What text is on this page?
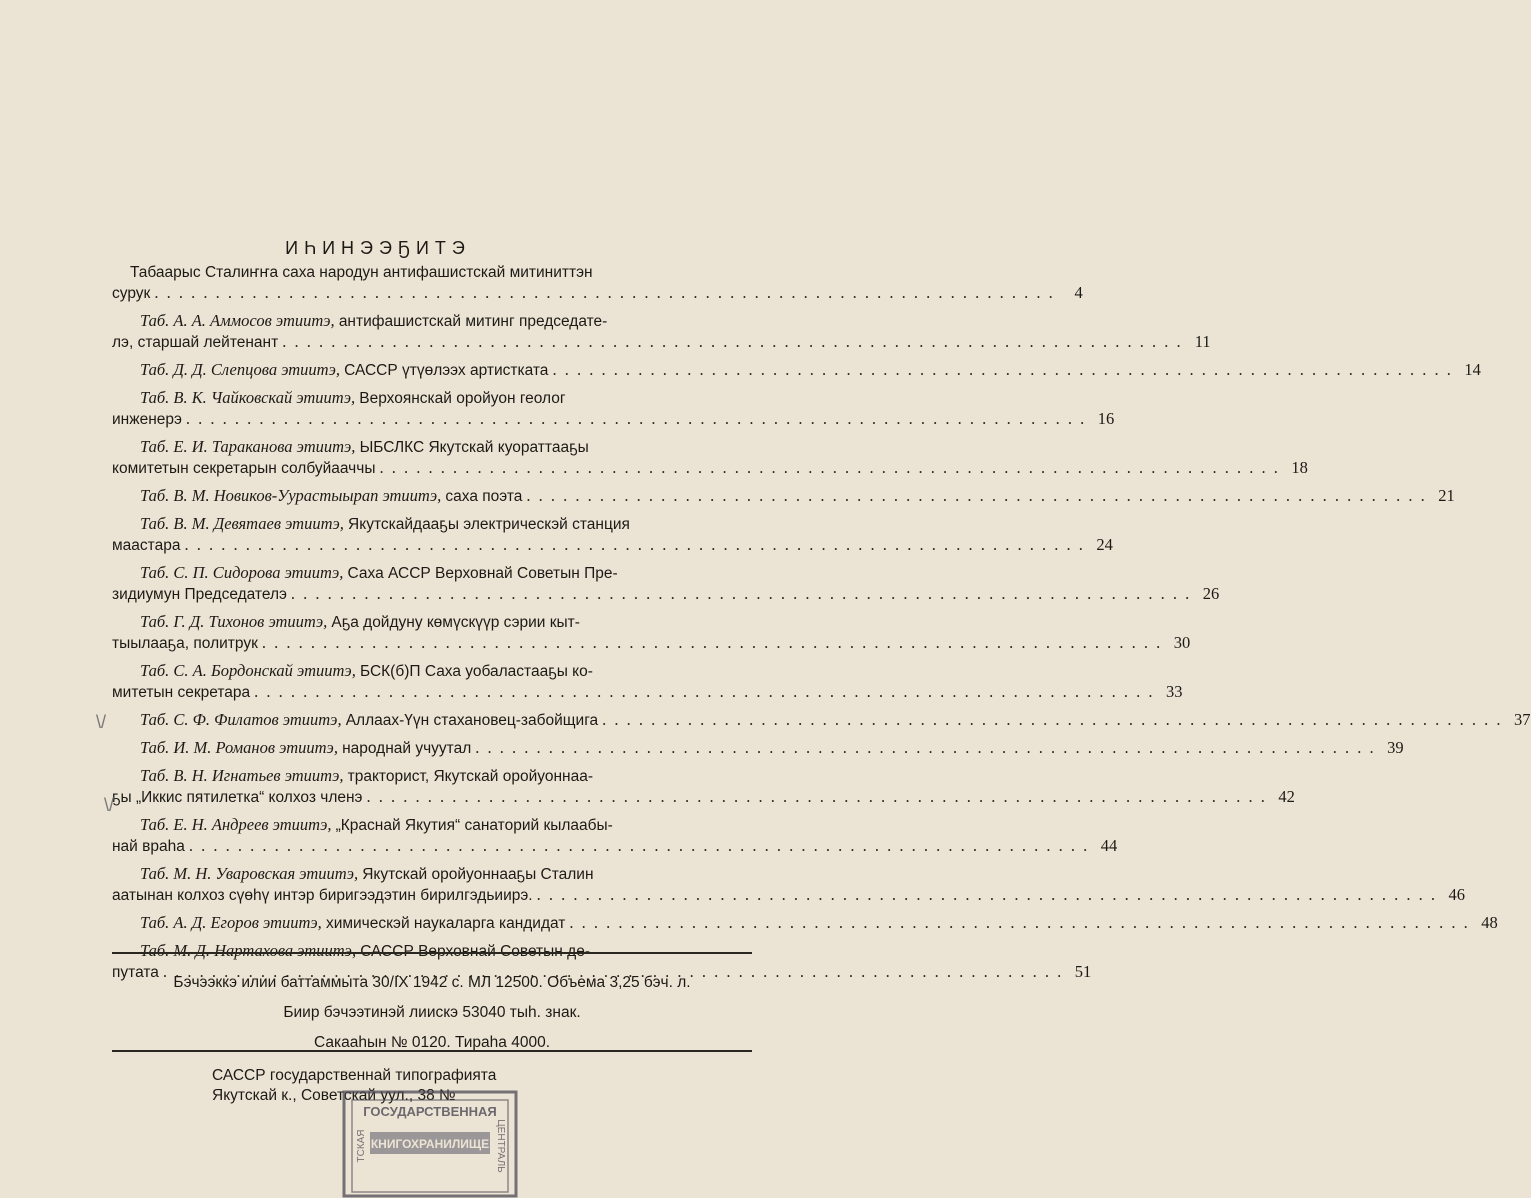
ИҺИНЭЭҔИТЭ
Табаарыс Сталиҥҥа саха народун антифашистскай митиниттэн
сурук . . .	4
Таб. А. А. Аммосов этиитэ, антифашистскай митинг председате-
лэ, старшай лейтенант . . .	11
Таб. Д. Д. Слепцова этиитэ, САССР үтүөлээх артистката . . .	14
Таб. В. К. Чайковскай этиитэ, Верхоянскай оройуон геолог
инженерэ . . .	16
Таб. Е. И. Тараканова этиитэ, ЫБСЛКС Якутскай куораттааҕы
комитетын секретарын солбуйааччы . . .	18
Таб. В. М. Новиков-Уурастыырап этиитэ, саха поэта . . .	21
Таб. В. М. Девятаев этиитэ, Якутскайдааҕы электрическэй станция
маастара . . .	24
Таб. С. П. Сидорова этиитэ, Саха АССР Верховнай Советын Пре-
зидиумун Председателэ . . .	26
Таб. Г. Д. Тихонов этиитэ, Аҕа дойдуну көмүскүүр сэрии кыт-
тыылааҕа, политрук . . .	30
Таб. С. А. Бордонскай этиитэ, БСК(б)П Саха уобаластааҕы ко-
митетын секретара . . .	33
Таб. С. Ф. Филатов этиитэ, Аллаах-Үүн стахановец-забойщига . . .	37
Таб. И. М. Романов этиитэ, народнай учуутал . . .	39
Таб. В. Н. Игнатьев этиитэ, тракторист, Якутскай оройуоннаа-
ҕы „Иккис пятилетка“ колхоз членэ . . .	42
Таб. Е. Н. Андреев этиитэ, „Краснай Якутия“ санаторий кылаабы-
най враhа . . .	44
Таб. М. Н. Уваровская этиитэ, Якутскай оройуоннааҕы Сталин
аатынан колхоз сүөһү интэр биригээдэтин бирилгэдьиирэ. . . .	46
Таб. А. Д. Егоров этиитэ, химическэй наукаларга кандидат . . .	48
Таб. М. Д. Нартахова этиитэ, САССР Верховнай Советын де-
путата . . .	51
\/
\/
Бэчээккэ илии баттаммыта 30/IX 1942 с. МЛ 12500. Объема 3,25 бэч. л.
Биир бэчээтинэй лиискэ 53040 тыһ. знак.
Сакааһын № 0120. Тираһа 4000.
САССР государственнай типографията
Якутскай к., Советскай уул., 38 №
ГОСУДАРСТВЕННАЯ
КНИГОХРАНИЛИЩЕ
ТСКАЯ	ЦЕНТРАЛЬ
